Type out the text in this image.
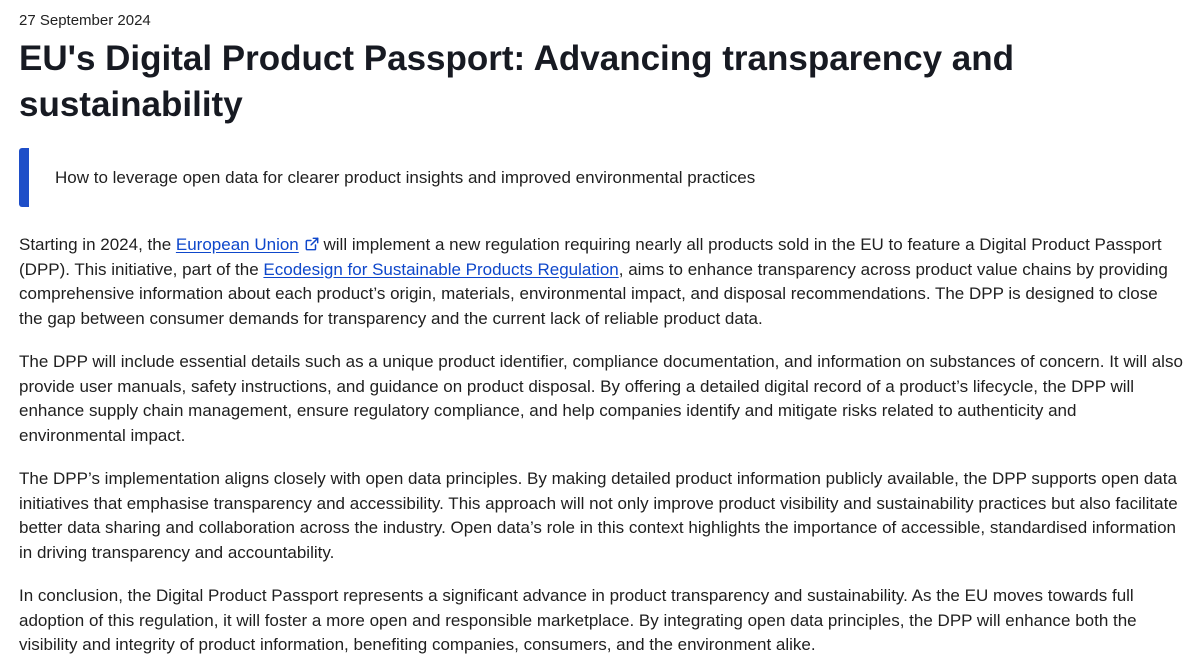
27 September 2024
EU's Digital Product Passport: Advancing transparency and sustainability

How to leverage open data for clearer product insights and improved environmental practices

Starting in 2024, the European Union will implement a new regulation requiring nearly all products sold in the EU to feature a Digital Product Passport (DPP). This initiative, part of the Ecodesign for Sustainable Products Regulation, aims to enhance transparency across product value chains by providing comprehensive information about each product’s origin, materials, environmental impact, and disposal recommendations. The DPP is designed to close the gap between consumer demands for transparency and the current lack of reliable product data.

The DPP will include essential details such as a unique product identifier, compliance documentation, and information on substances of concern. It will also provide user manuals, safety instructions, and guidance on product disposal. By offering a detailed digital record of a product’s lifecycle, the DPP will enhance supply chain management, ensure regulatory compliance, and help companies identify and mitigate risks related to authenticity and environmental impact.

The DPP’s implementation aligns closely with open data principles. By making detailed product information publicly available, the DPP supports open data initiatives that emphasise transparency and accessibility. This approach will not only improve product visibility and sustainability practices but also facilitate better data sharing and collaboration across the industry. Open data’s role in this context highlights the importance of accessible, standardised information in driving transparency and accountability.

In conclusion, the Digital Product Passport represents a significant advance in product transparency and sustainability. As the EU moves towards full adoption of this regulation, it will foster a more open and responsible marketplace. By integrating open data principles, the DPP will enhance both the visibility and integrity of product information, benefiting companies, consumers, and the environment alike.
